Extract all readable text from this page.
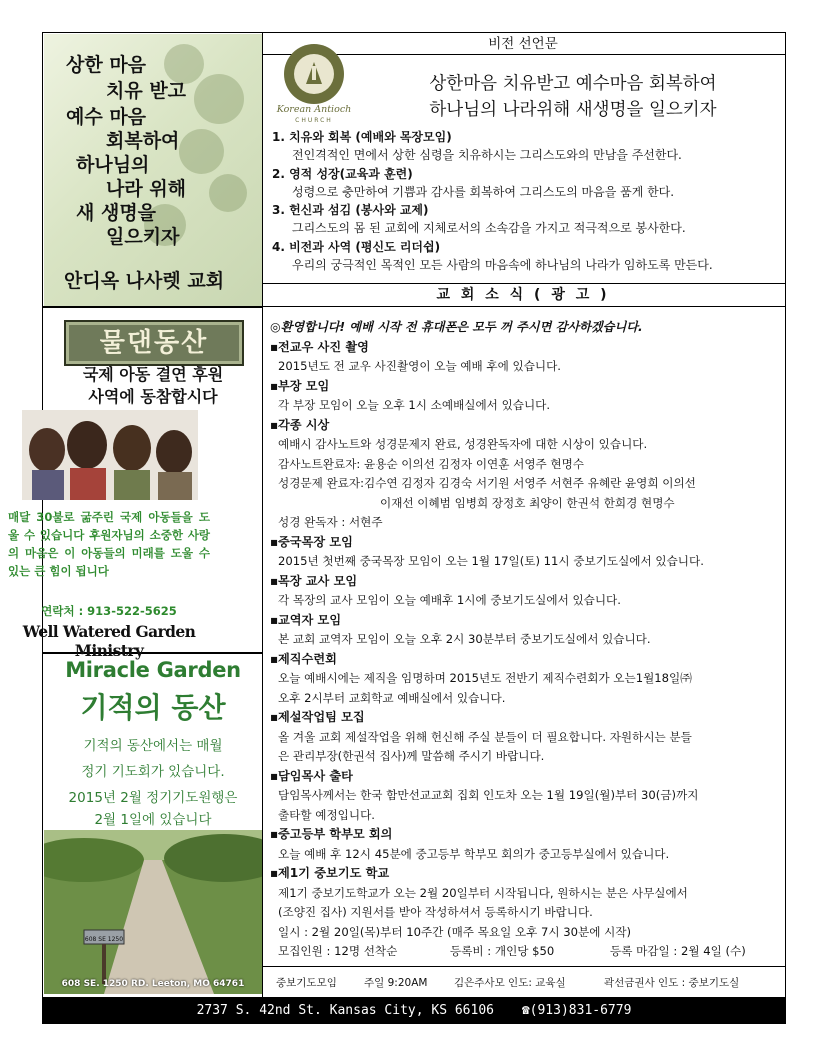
상한 마음
치유 받고
예수 마음
회복하여
하나님의
나라 위해
새 생명을
일으키자
안디옥 나사렛 교회
물댄동산
국제 아동 결연 후원
사역에 동참합시다
매달 30불로 굶주린 국제 아동들을 도울 수 있습니다 후원자님의 소중한 사랑의 마음은 이 아동들의 미래를 도울 수 있는 큰 힘이 됩니다
연락처 : 913-522-5625
Well Watered Garden Ministry
Miracle Garden
기적의 동산
기적의 동산에서는 매월
정기 기도회가 있습니다.
2015년 2월 정기기도원행은
2월 1일에 있습니다
608 SE 1250
608 SE. 1250 RD. Leeton, MO 64761
비전 선언문
Korean Antioch
CHURCH
상한마음 치유받고 예수마음 회복하여
하나님의 나라위해 새생명을 일으키자
1. 치유와 회복 (예배와 목장모임)
전인격적인 면에서 상한 심령을 치유하시는 그리스도와의 만남을 주선한다.
2. 영적 성장(교육과 훈련)
성령으로 충만하여 기쁨과 감사를 회복하여 그리스도의 마음을 품게 한다.
3. 헌신과 섬김 (봉사와 교제)
그리스도의 몸 된 교회에 지체로서의 소속감을 가지고 적극적으로 봉사한다.
4. 비전과 사역 (평신도 리더쉽)
우리의 궁극적인 목적인 모든 사람의 마음속에 하나님의 나라가 임하도록 만든다.
교 회 소 식 ( 광 고 )
◎환영합니다! 예배 시작 전 휴대폰은 모두 꺼 주시면 감사하겠습니다.
▪전교우 사진 촬영
2015년도 전 교우 사진촬영이 오늘 예배 후에 있습니다.
▪부장 모임
각 부장 모임이 오늘 오후 1시 소예배실에서 있습니다.
▪각종 시상
예배시 감사노트와 성경문제지 완료, 성경완독자에 대한 시상이 있습니다.
감사노트완료자: 윤용순 이의선 김정자 이연훈 서영주 현명수
성경문제 완료자:김수연 김정자 김경숙 서기원 서영주 서현주 유혜란 윤영희 이의선
이재선 이혜범 임병희 장정호 최양이 한권석 한희경 현명수
성경 완독자 : 서현주
▪중국목장 모임
2015년 첫번째 중국목장 모임이 오는 1월 17일(토) 11시 중보기도실에서 있습니다.
▪목장 교사 모임
각 목장의 교사 모임이 오늘 예배후 1시에 중보기도실에서 있습니다.
▪교역자 모임
본 교회 교역자 모임이 오늘 오후 2시 30분부터 중보기도실에서 있습니다.
▪제직수련회
오늘 예배시에는 제직을 임명하며 2015년도 전반기 제직수련회가 오는1월18일㈜
오후 2시부터 교회학교 예배실에서 있습니다.
▪제설작업팀 모집
올 겨울 교회 제설작업을 위해 헌신해 주실 분들이 더 필요합니다. 자원하시는 분들
은 관리부장(한권석 집사)께 말씀해 주시기 바랍니다.
▪담임목사 출타
담임목사께서는 한국 함만선교교회 집회 인도차 오는 1월 19일(월)부터 30(금)까지
출타할 예정입니다.
▪중고등부 학부모 회의
오늘 예배 후 12시 45분에 중고등부 학부모 회의가 중고등부실에서 있습니다.
▪제1기 중보기도 학교
제1기 중보기도학교가 오는 2월 20일부터 시작됩니다, 원하시는 분은 사무실에서
(조양진 집사) 지원서를 받아 작성하셔서 등록하시기 바랍니다.
일시 : 2월 20일(목)부터 10주간 (매주 목요일 오후 7시 30분에 시작)
모집인원 : 12명 선착순	등록비 : 개인당 $50	등록 마감일 : 2월 4일 (수)
중보기도모임	주일 9:20AM	김은주사모 인도: 교육실	곽선금권사 인도 : 중보기도실
2737 S. 42nd St. Kansas City, KS 66106 ☎(913)831-6779
